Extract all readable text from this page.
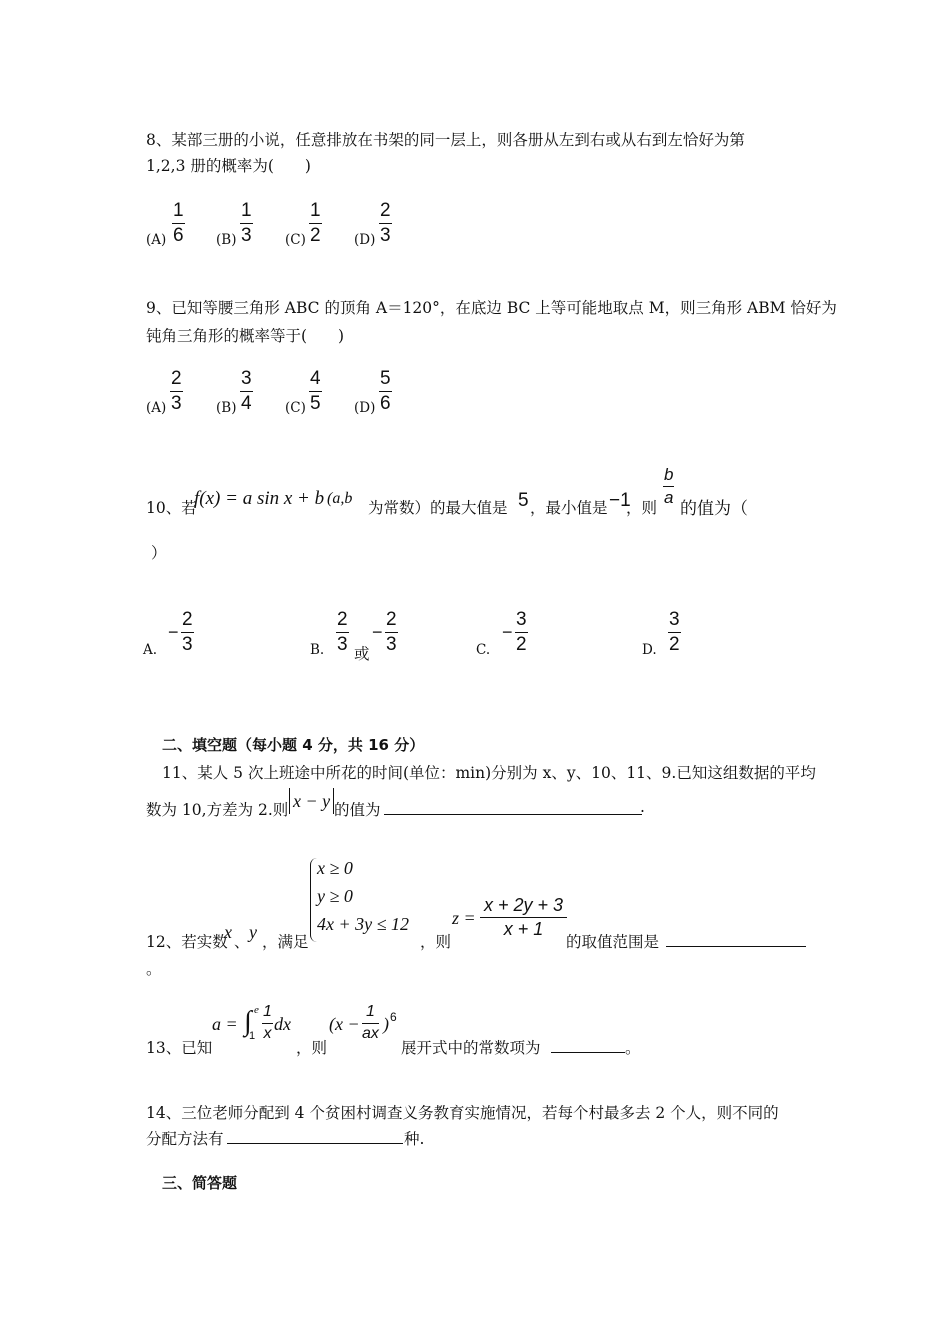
8、某部三册的小说，任意排放在书架的同一层上，则各册从左到右或从右到左恰好为第
1,2,3 册的概率为(　　)
(A)
1
6 (B)
1
3 (C)
1
2 (D)
2
3
9、已知等腰三角形 ABC 的顶角 A＝120°，在底边 BC 上等可能地取点 M，则三角形 ABM 恰好为
钝角三角形的概率等于(　　)
(A)
2
3	(B)
3
4 (C)
4
5 (D)
5
6
10、若
f(x) = a sin x + b (a,b
为常数）的最大值是 5 ，最小值是 −1
，则
b
a
的值为（
）
A.
−
2
3	B.
2
3 或
−
2
3	C.
−
3
2	D.
3
2
二、填空题（每小题 4 分，共 16 分）
11、某人 5 次上班途中所花的时间(单位：min)分别为 x、y、10、11、9.已知这组数据的平均
数为 10,方差为 2.则 x − y 的值为	.
12、若实数
x 、 y ，满足
x ≥ 0
y ≥ 0
4x + 3y ≤ 12
，则
z =
x + 2y + 3
x + 1
的取值范围是
。
13、已知
a = ∫ e
1
1
x dx
，则
(x −
1
ax ) 6
展开式中的常数项为	。
14、三位老师分配到 4 个贫困村调查义务教育实施情况，若每个村最多去 2 个人，则不同的
分配方法有	种.
三、简答题
